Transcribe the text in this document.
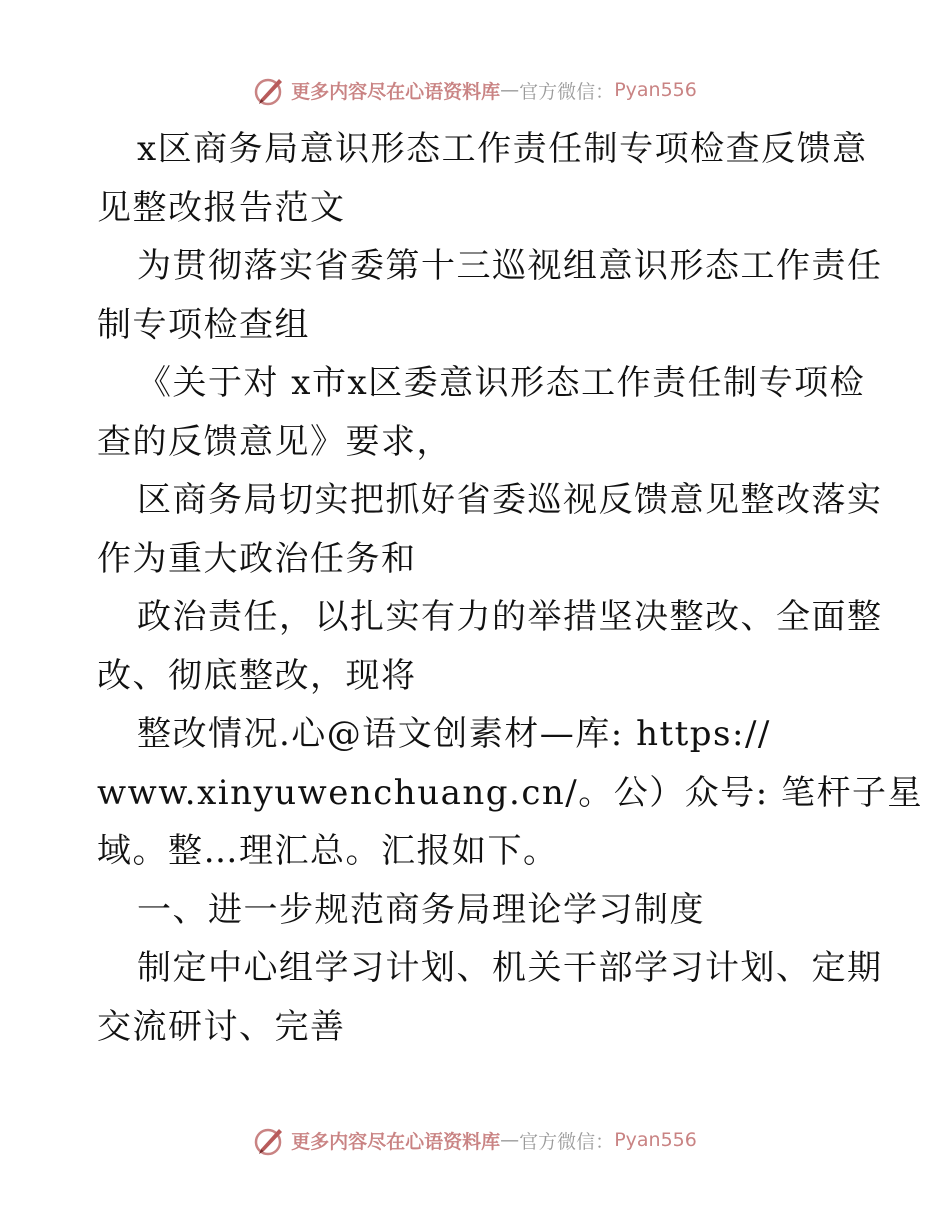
更多内容尽在心语资料库 — 官方微信： Pyan556
x区商务局意识形态工作责任制专项检查反馈意
见整改报告范文
为贯彻落实省委第十三巡视组意识形态工作责任
制专项检查组
《关于对 x市x区委意识形态工作责任制专项检
查的反馈意见》要求，
区商务局切实把抓好省委巡视反馈意见整改落实
作为重大政治任务和
政治责任，以扎实有力的举措坚决整改、全面整
改、彻底整改，现将
整改情况.心@语文创素材—库: https://
www.xinyuwenchuang.cn/。公）众号: 笔杆子星
域。整…理汇总。汇报如下。
一、进一步规范商务局理论学习制度
制定中心组学习计划、机关干部学习计划、定期
交流研讨、完善
更多内容尽在心语资料库 — 官方微信： Pyan556
